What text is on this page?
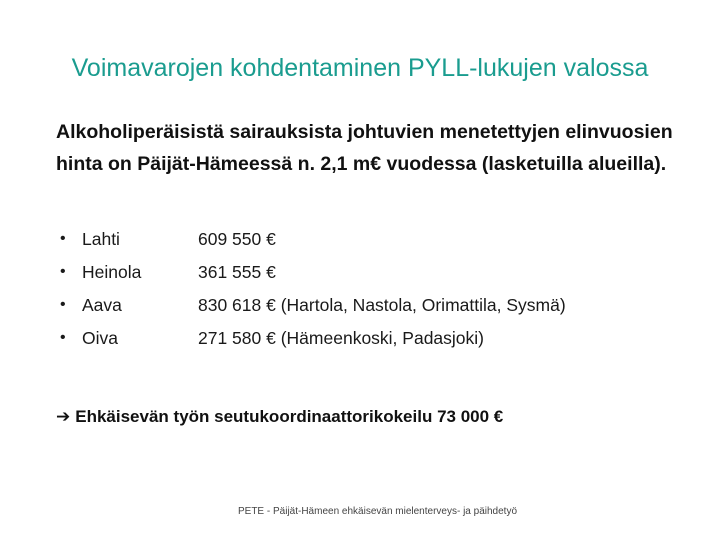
Voimavarojen kohdentaminen PYLL-lukujen valossa
Alkoholiperäisistä sairauksista johtuvien menetettyjen elinvuosien hinta on Päijät-Hämeessä n. 2,1 m€ vuodessa (lasketuilla alueilla).
• Lahti	609 550 €
• Heinola	361 555 €
• Aava	830 618 € (Hartola, Nastola, Orimattila, Sysmä)
• Oiva	271 580 € (Hämeenkoski, Padasjoki)
➔ Ehkäisevän työn seutukoordinaattorikokeilu 73 000 €
PETE - Päijät-Hämeen ehkäisevän mielenterveys- ja päihdetyö
